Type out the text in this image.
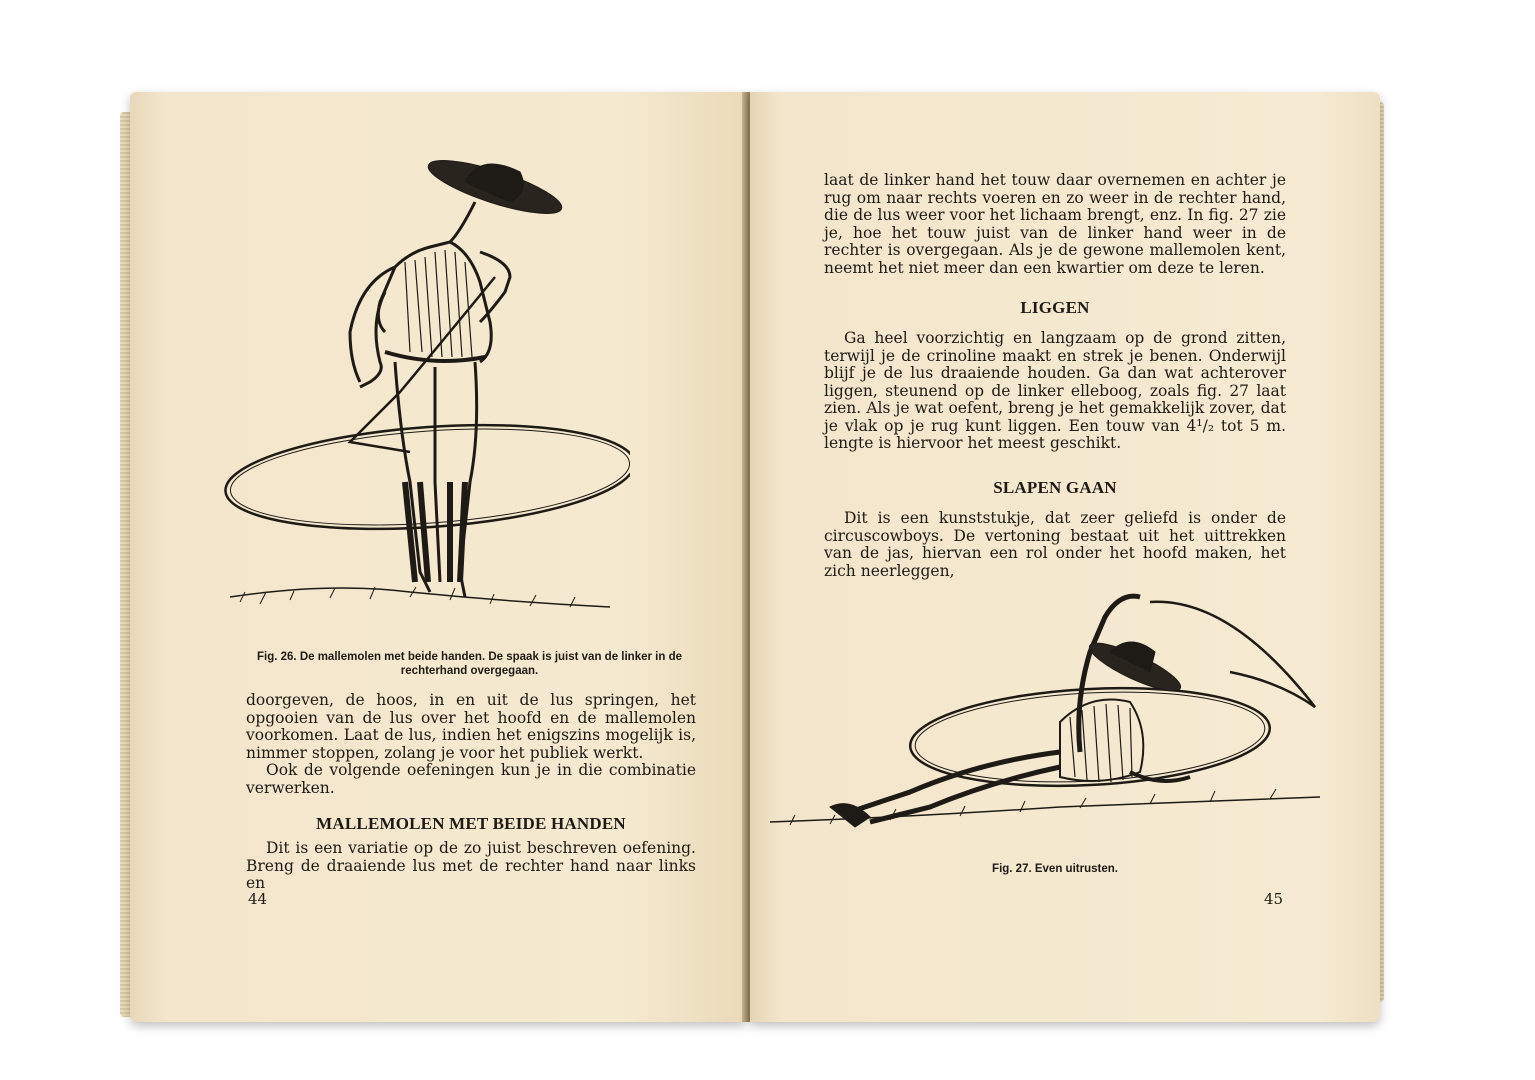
Fig. 26. De mallemolen met beide handen. De spaak is juist van de linker in de rechterhand overgegaan.

doorgeven, de hoos, in en uit de lus springen, het opgooien van de lus over het hoofd en de mallemolen voorkomen. Laat de lus, indien het enigszins mogelijk is, nimmer stoppen, zolang je voor het publiek werkt.

Ook de volgende oefeningen kun je in die combinatie verwerken.

MALLEMOLEN MET BEIDE HANDEN

Dit is een variatie op de zo juist beschreven oefening. Breng de draaiende lus met de rechter hand naar links en

44

laat de linker hand het touw daar overnemen en achter je rug om naar rechts voeren en zo weer in de rechter hand, die de lus weer voor het lichaam brengt, enz. In fig. 27 zie je, hoe het touw juist van de linker hand weer in de rechter is overgegaan. Als je de gewone mallemolen kent, neemt het niet meer dan een kwartier om deze te leren.

LIGGEN

Ga heel voorzichtig en langzaam op de grond zitten, terwijl je de crinoline maakt en strek je benen. Onderwijl blijf je de lus draaiende houden. Ga dan wat achterover liggen, steunend op de linker elleboog, zoals fig. 27 laat zien. Als je wat oefent, breng je het gemakkelijk zover, dat je vlak op je rug kunt liggen. Een touw van 4¹/₂ tot 5 m. lengte is hiervoor het meest geschikt.

SLAPEN GAAN

Dit is een kunststukje, dat zeer geliefd is onder de circuscowboys. De vertoning bestaat uit het uittrekken van de jas, hiervan een rol onder het hoofd maken, het zich neerleggen,

Fig. 27. Even uitrusten.
45
